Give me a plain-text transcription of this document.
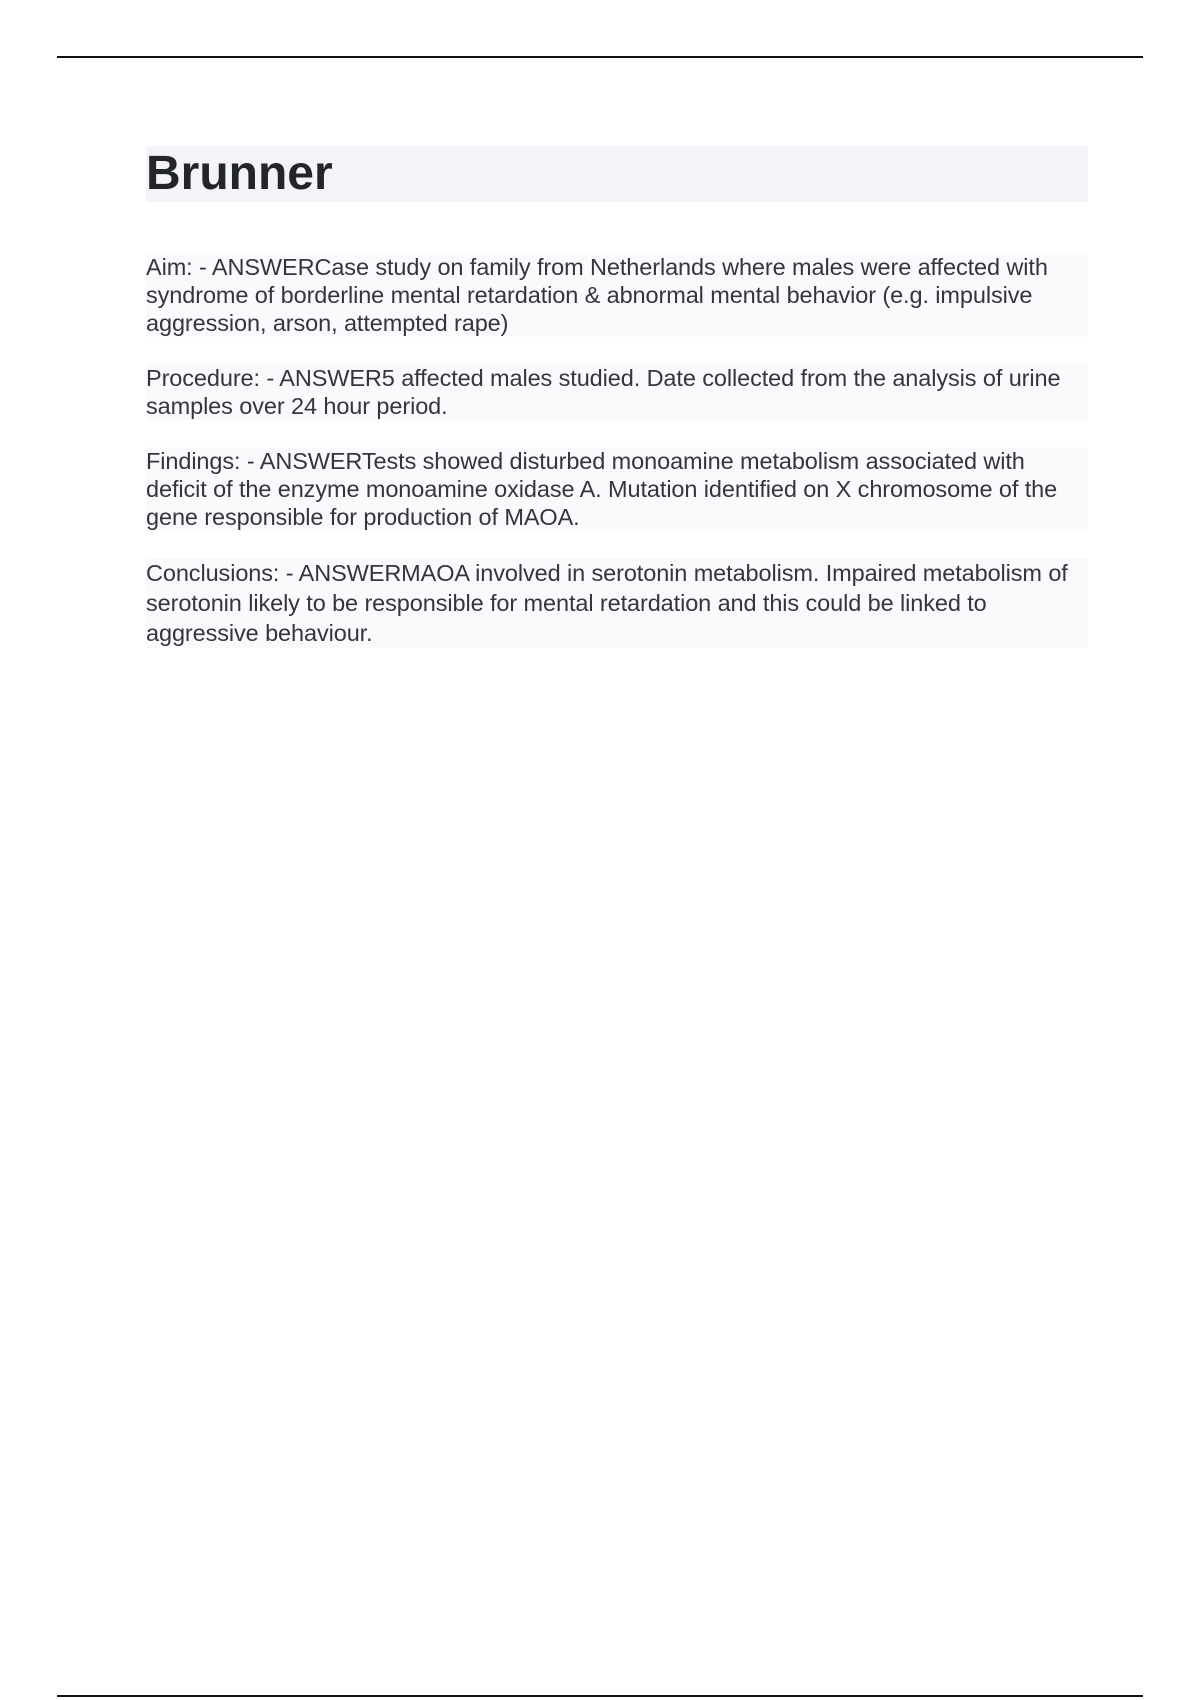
Brunner

Aim: - ANSWERCase study on family from Netherlands where males were affected with syndrome of borderline mental retardation & abnormal mental behavior (e.g. impulsive aggression, arson, attempted rape)

Procedure: - ANSWER5 affected males studied. Date collected from the analysis of urine samples over 24 hour period.

Findings: - ANSWERTests showed disturbed monoamine metabolism associated with deficit of the enzyme monoamine oxidase A. Mutation identified on X chromosome of the gene responsible for production of MAOA.

Conclusions: - ANSWERMAOA involved in serotonin metabolism. Impaired metabolism of serotonin likely to be responsible for mental retardation and this could be linked to aggressive behaviour.
